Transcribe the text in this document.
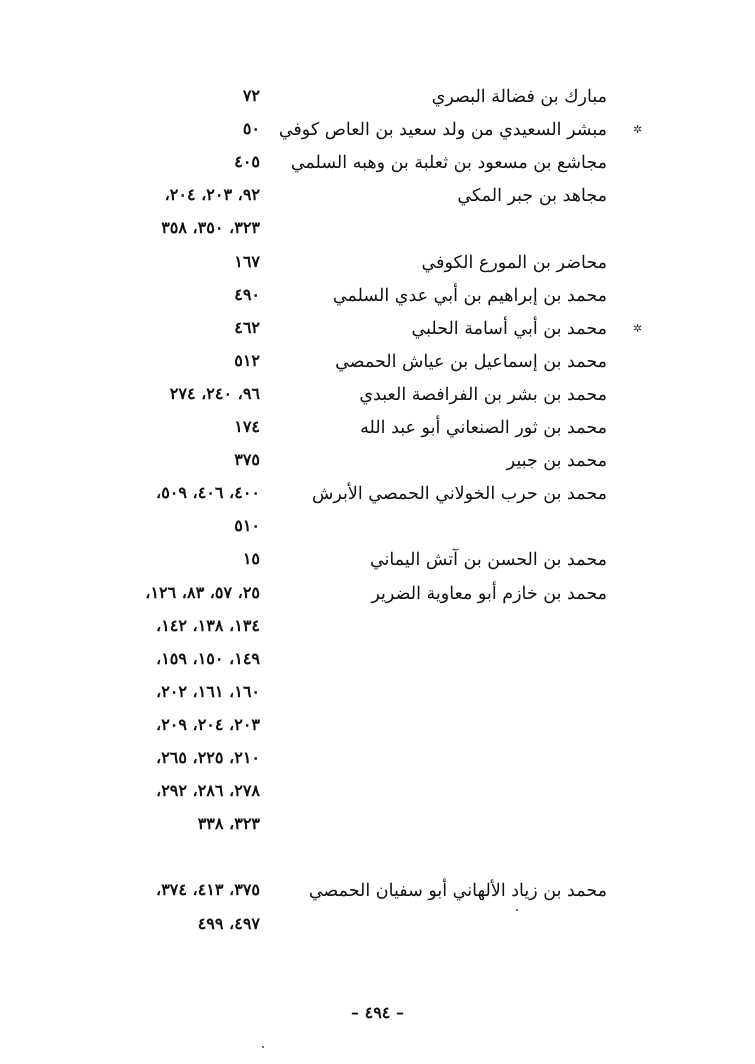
مبارك بن فضالة البصري
٧٢
مبشر السعيدي من ولد سعيد بن العاص كوفي ✲
٥٠
مجاشع بن مسعود بن ثعلبة بن وهبه السلمي
٤٠٥
مجاهد بن جبر المكي
٩٢، ٢٠٣، ٢٠٤،
٣٢٣، ٣٥٠، ٣٥٨
محاضر بن المورع الكوفي
١٦٧
محمد بن إبراهيم بن أبي عدي السلمي
٤٩٠
محمد بن أبي أسامة الحلبي ✲
٤٦٢
محمد بن إسماعيل بن عياش الحمصي
٥١٢
محمد بن بشر بن الفرافصة العبدي
٩٦، ٢٤٠، ٢٧٤
محمد بن ثور الصنعاني أبو عبد الله
١٧٤
محمد بن جبير
٣٧٥
محمد بن حرب الخولاني الحمصي الأبرش
٤٠٠، ٤٠٦، ٥٠٩،
٥١٠
محمد بن الحسن بن آتش اليماني
١٥
محمد بن خازم أبو معاوية الضرير
٢٥، ٥٧، ٨٣، ١٢٦،
١٣٤، ١٣٨، ١٤٢،
١٤٩، ١٥٠، ١٥٩،
١٦٠، ١٦١، ٢٠٢،
٢٠٣، ٢٠٤، ٢٠٩،
٢١٠، ٢٢٥، ٢٦٥،
٢٧٨، ٢٨٦، ٢٩٢،
٣٢٣، ٣٣٨
محمد بن زياد الألهاني أبو سفيان الحمصي
٣٧٥، ٤١٣، ٣٧٤،
٤٩٧، ٤٩٩
– ٤٩٤ –
